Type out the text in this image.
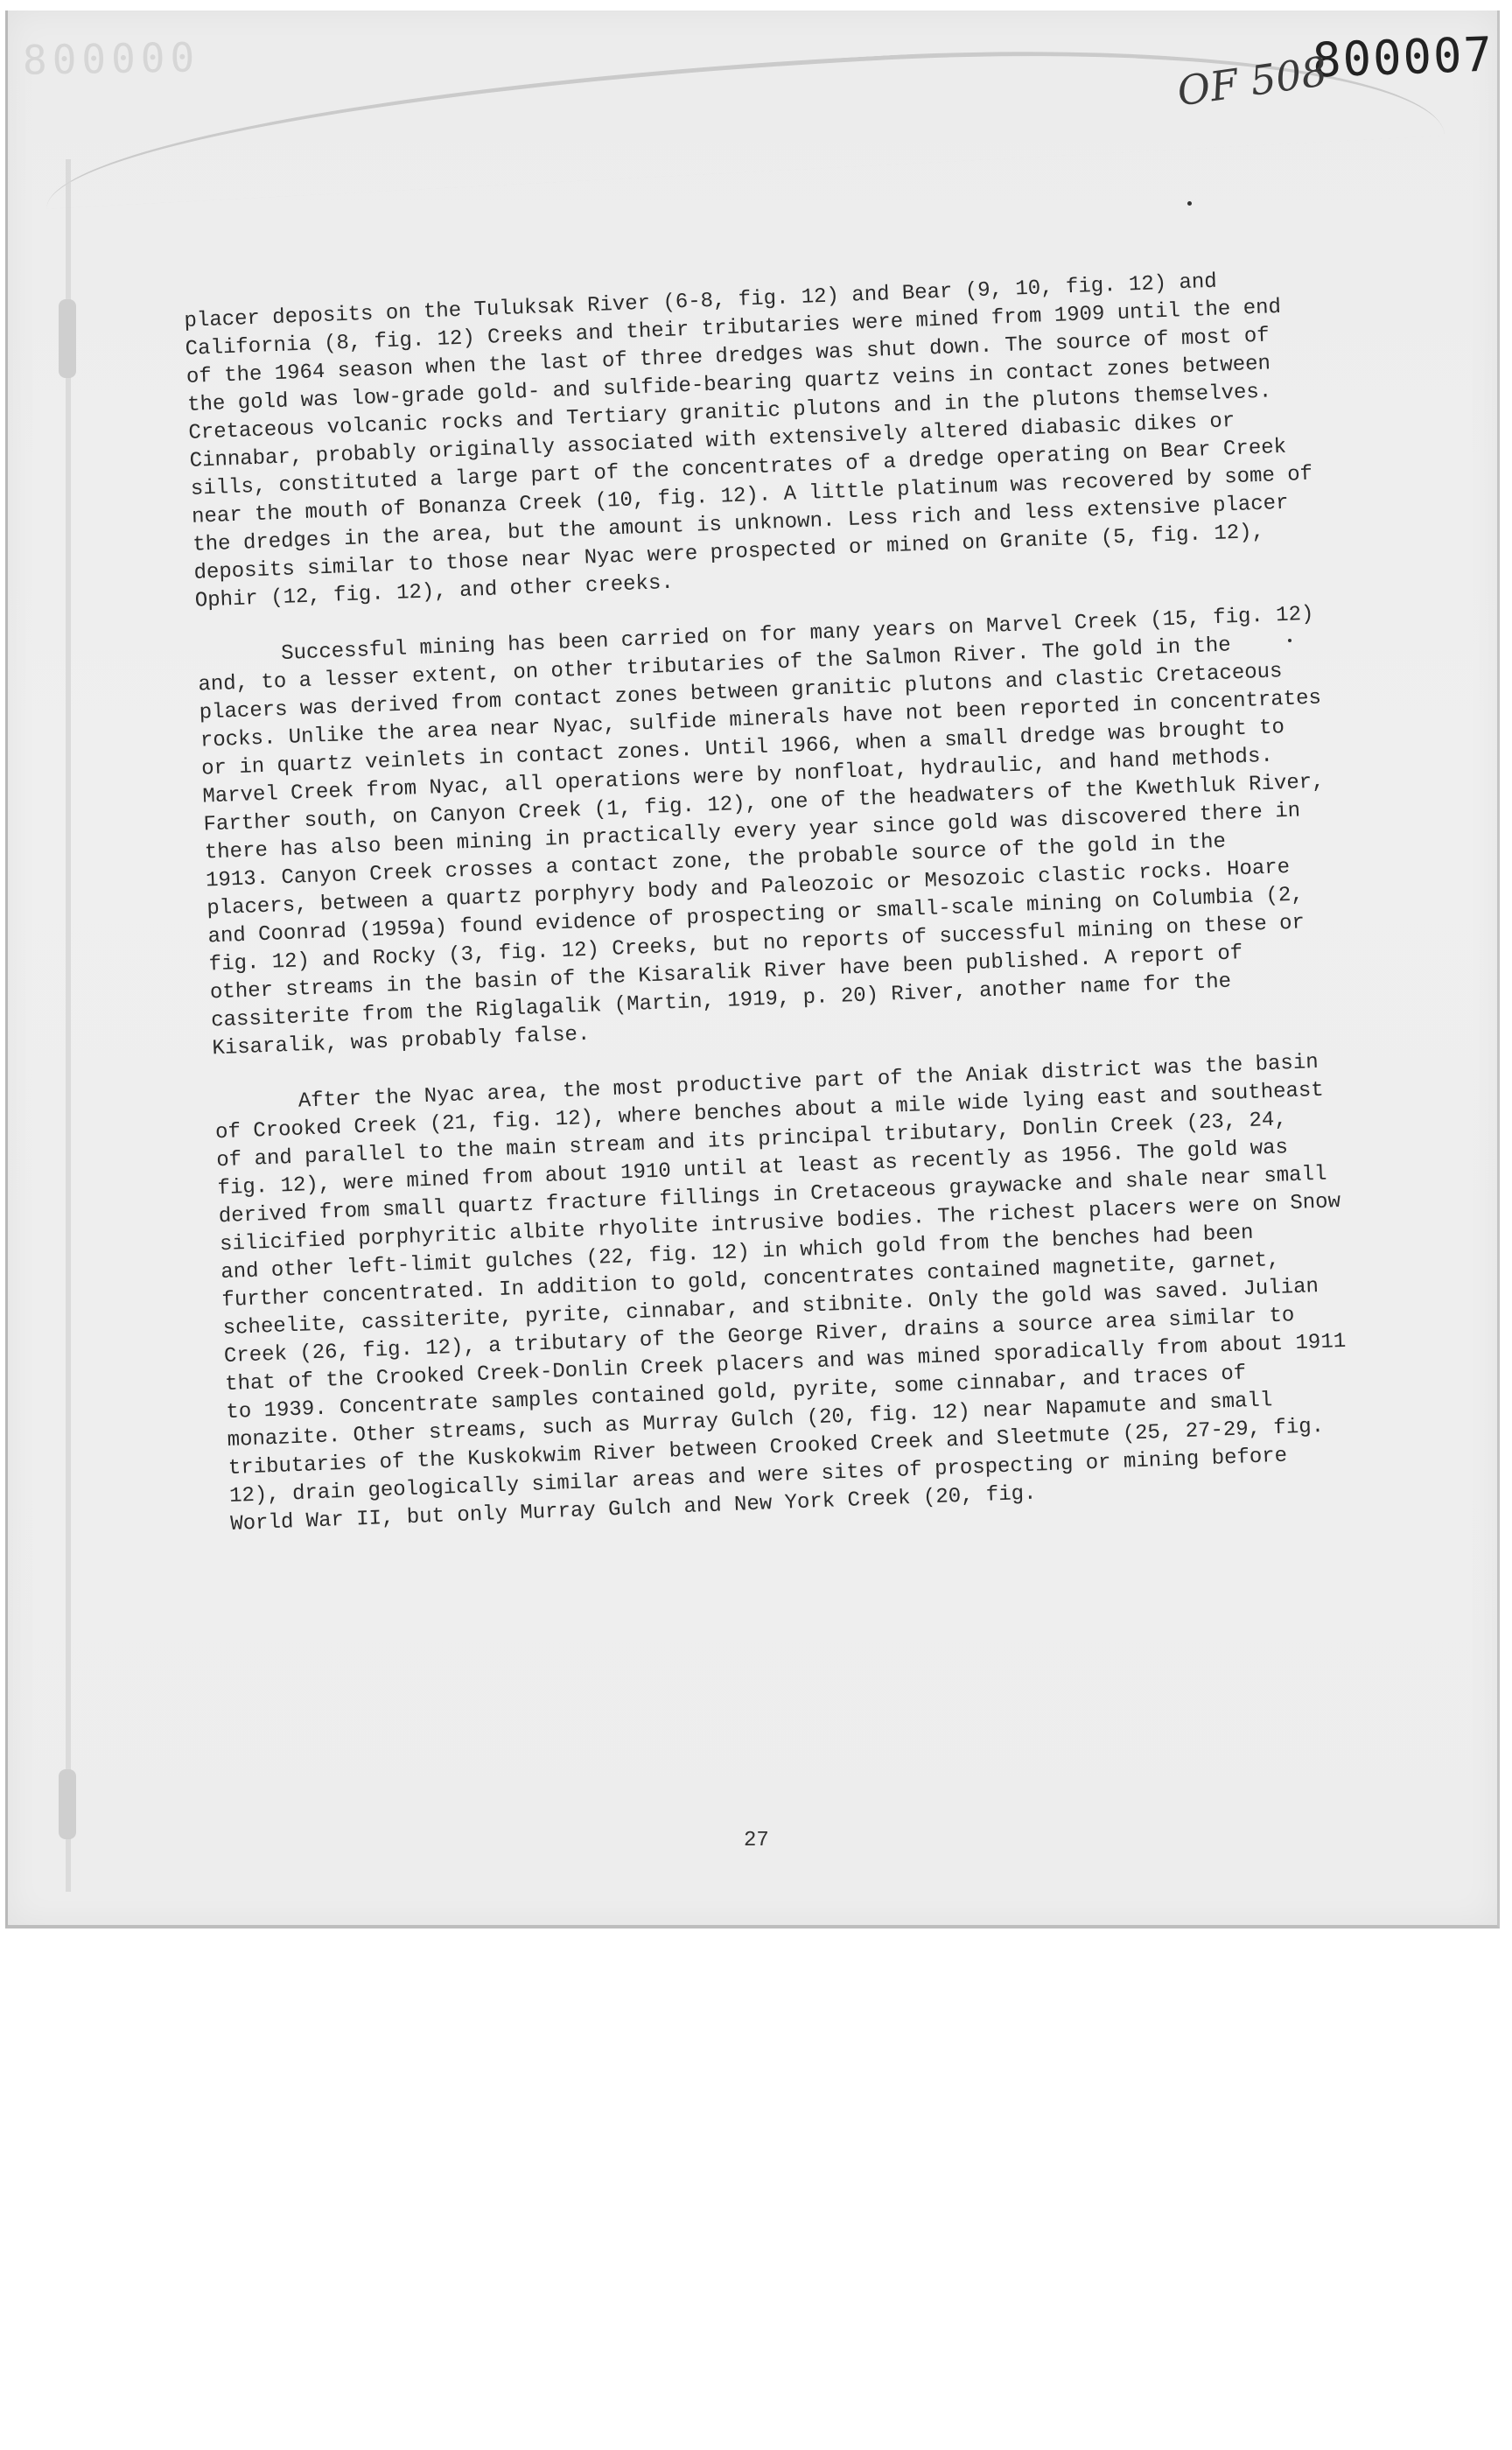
800000	800007
OF 508

placer deposits on the Tuluksak River (6-8, fig. 12) and Bear (9, 10, fig. 12) and California (8, fig. 12) Creeks and their tributaries were mined from 1909 until the end of the 1964 season when the last of three dredges was shut down. The source of most of the gold was low-grade gold- and sulfide-bearing quartz veins in contact zones between Cretaceous volcanic rocks and Tertiary granitic plutons and in the plutons themselves. Cinnabar, probably originally associated with extensively altered diabasic dikes or sills, constituted a large part of the concentrates of a dredge operating on Bear Creek near the mouth of Bonanza Creek (10, fig. 12). A little platinum was recovered by some of the dredges in the area, but the amount is unknown. Less rich and less extensive placer deposits similar to those near Nyac were prospected or mined on Granite (5, fig. 12), Ophir (12, fig. 12), and other creeks.

Successful mining has been carried on for many years on Marvel Creek (15, fig. 12) and, to a lesser extent, on other tributaries of the Salmon River. The gold in the placers was derived from contact zones between granitic plutons and clastic Cretaceous rocks. Unlike the area near Nyac, sulfide minerals have not been reported in concentrates or in quartz veinlets in contact zones. Until 1966, when a small dredge was brought to Marvel Creek from Nyac, all operations were by nonfloat, hydraulic, and hand methods. Farther south, on Canyon Creek (1, fig. 12), one of the headwaters of the Kwethluk River, there has also been mining in practically every year since gold was discovered there in 1913. Canyon Creek crosses a contact zone, the probable source of the gold in the placers, between a quartz porphyry body and Paleozoic or Mesozoic clastic rocks. Hoare and Coonrad (1959a) found evidence of prospecting or small-scale mining on Columbia (2, fig. 12) and Rocky (3, fig. 12) Creeks, but no reports of successful mining on these or other streams in the basin of the Kisaralik River have been published. A report of cassiterite from the Riglagalik (Martin, 1919, p. 20) River, another name for the Kisaralik, was probably false.

After the Nyac area, the most productive part of the Aniak district was the basin of Crooked Creek (21, fig. 12), where benches about a mile wide lying east and southeast of and parallel to the main stream and its principal tributary, Donlin Creek (23, 24, fig. 12), were mined from about 1910 until at least as recently as 1956. The gold was derived from small quartz fracture fillings in Cretaceous graywacke and shale near small silicified porphyritic albite rhyolite intrusive bodies. The richest placers were on Snow and other left-limit gulches (22, fig. 12) in which gold from the benches had been further concentrated. In addition to gold, concentrates contained magnetite, garnet, scheelite, cassiterite, pyrite, cinnabar, and stibnite. Only the gold was saved. Julian Creek (26, fig. 12), a tributary of the George River, drains a source area similar to that of the Crooked Creek-Donlin Creek placers and was mined sporadically from about 1911 to 1939. Concentrate samples contained gold, pyrite, some cinnabar, and traces of monazite. Other streams, such as Murray Gulch (20, fig. 12) near Napamute and small tributaries of the Kuskokwim River between Crooked Creek and Sleetmute (25, 27-29, fig. 12), drain geologically similar areas and were sites of prospecting or mining before World War II, but only Murray Gulch and New York Creek (20, fig.

27
